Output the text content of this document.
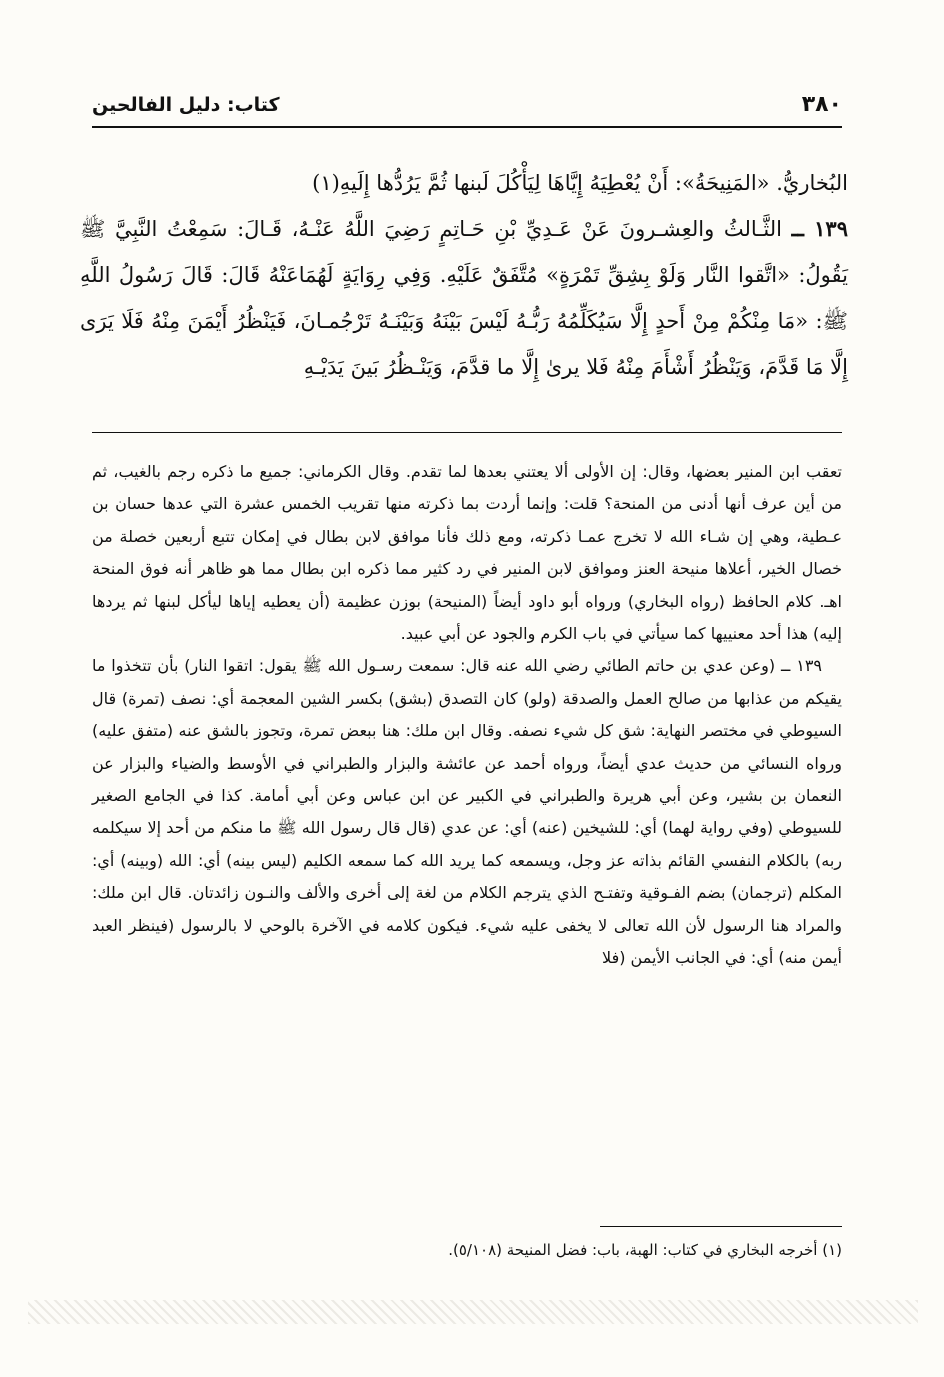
٣٨٠
كتاب: دليل الفالحين

البُخاريُّ. «المَنِيحَةُ»: أَنْ يُعْطِيَهُ إِيَّاهَا لِيَأْكُلَ لَبنها ثُمَّ يَرُدُّها إِلَيهِ(١)

١٣٩ ــ الثَّـالثُ والعِشـرونَ عَنْ عَـدِيِّ بْنِ حَـاتِمٍ رَضِيَ اللَّهُ عَنْـهُ، قَـالَ: سَمِعْتُ النَّبِيَّ ﷺ يَقُولُ: «اتَّقوا النَّار وَلَوْ بِشِقِّ تَمْرَةٍ» مُتَّفَقٌ عَلَيْهِ. وَفِي رِوَايَةٍ لَهُمَاعَنْهُ قَالَ: قَالَ رَسُولُ اللَّهِ ﷺ: «مَا مِنْكُمْ مِنْ أَحدٍ إِلَّا سَيُكَلِّمُهُ رَبُّـهُ لَيْسَ بَيْنَهُ وَبَيْنَـهُ تَرْجُمـانَ، فَيَنْظُرُ أَيْمَنَ مِنْهُ فَلَا يَرَى إِلَّا مَا قَدَّمَ، وَيَنْظُرُ أَشْأَمَ مِنْهُ فَلا يرىٰ إِلَّا ما قدَّمَ، وَيَنْـظُرُ بَينَ يَدَيْـهِ

تعقب ابن المنير بعضها، وقال: إن الأولى ألا يعتني بعدها لما تقدم. وقال الكرماني: جميع ما ذكره رجم بالغيب، ثم من أين عرف أنها أدنى من المنحة؟ قلت: وإنما أردت بما ذكرته منها تقريب الخمس عشرة التي عدها حسان بن عـطية، وهي إن شـاء الله لا تخرج عمـا ذكرته، ومع ذلك فأنا موافق لابن بطال في إمكان تتبع أربعين خصلة من خصال الخير، أعلاها منيحة العنز وموافق لابن المنير في رد كثير مما ذكره ابن بطال مما هو ظاهر أنه فوق المنحة اهـ. كلام الحافظ (رواه البخاري) ورواه أبو داود أيضاً (المنيحة) بوزن عظيمة (أن يعطيه إياها ليأكل لبنها ثم يردها إليه) هذا أحد معنييها كما سيأتي في باب الكرم والجود عن أبي عبيد.

١٣٩ ــ (وعن عدي بن حاتم الطائي رضي الله عنه قال: سمعت رسـول الله ﷺ يقول: اتقوا النار) بأن تتخذوا ما يقيكم من عذابها من صالح العمل والصدقة (ولو) كان التصدق (بشق) بكسر الشين المعجمة أي: نصف (تمرة) قال السيوطي في مختصر النهاية: شق كل شيء نصفه. وقال ابن ملك: هنا ببعض تمرة، وتجوز بالشق عنه (متفق عليه) ورواه النسائي من حديث عدي أيضاً، ورواه أحمد عن عائشة والبزار والطبراني في الأوسط والضياء والبزار عن النعمان بن بشير، وعن أبي هريرة والطبراني في الكبير عن ابن عباس وعن أبي أمامة. كذا في الجامع الصغير للسيوطي (وفي رواية لهما) أي: للشيخين (عنه) أي: عن عدي (قال قال رسول الله ﷺ ما منكم من أحد إلا سيكلمه ربه) بالكلام النفسي القائم بذاته عز وجل، ويسمعه كما يريد الله كما سمعه الكليم (ليس بينه) أي: الله (وبينه) أي: المكلم (ترجمان) بضم الفـوقية وتفتـح الذي يترجم الكلام من لغة إلى أخرى والألف والنـون زائدتان. قال ابن ملك: والمراد هنا الرسول لأن الله تعالى لا يخفى عليه شيء. فيكون كلامه في الآخرة بالوحي لا بالرسول (فينظر العبد أيمن منه) أي: في الجانب الأيمن (فلا

(١) أخرجه البخاري في كتاب: الهبة، باب: فضل المنيحة (٥/١٠٨).
